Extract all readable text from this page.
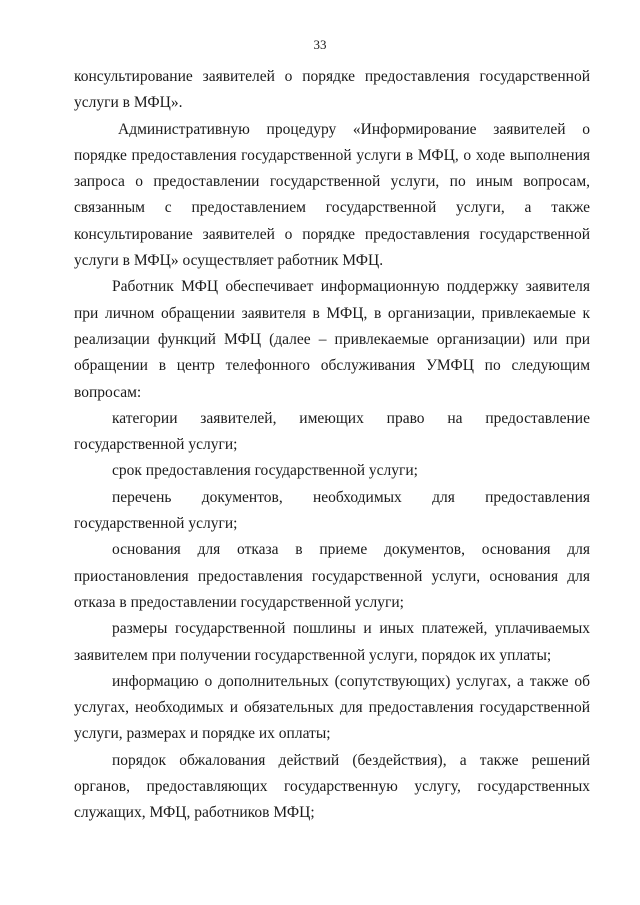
33

консультирование заявителей о порядке предоставления государственной услуги в МФЦ».

Административную процедуру «Информирование заявителей о порядке предоставления государственной услуги в МФЦ, о ходе выполнения запроса о предоставлении государственной услуги, по иным вопросам, связанным с предоставлением государственной услуги, а также консультирование заявителей о порядке предоставления государственной услуги в МФЦ» осуществляет работник МФЦ.

Работник МФЦ обеспечивает информационную поддержку заявителя при личном обращении заявителя в МФЦ, в организации, привлекаемые к реализации функций МФЦ (далее – привлекаемые организации) или при обращении в центр телефонного обслуживания УМФЦ по следующим вопросам:

категории заявителей, имеющих право на предоставление государственной услуги;

срок предоставления государственной услуги;

перечень документов, необходимых для предоставления государственной услуги;

основания для отказа в приеме документов, основания для приостановления предоставления государственной услуги, основания для отказа в предоставлении государственной услуги;

размеры государственной пошлины и иных платежей, уплачиваемых заявителем при получении государственной услуги, порядок их уплаты;

информацию о дополнительных (сопутствующих) услугах, а также об услугах, необходимых и обязательных для предоставления государственной услуги, размерах и порядке их оплаты;

порядок обжалования действий (бездействия), а также решений органов, предоставляющих государственную услугу, государственных служащих, МФЦ, работников МФЦ;
